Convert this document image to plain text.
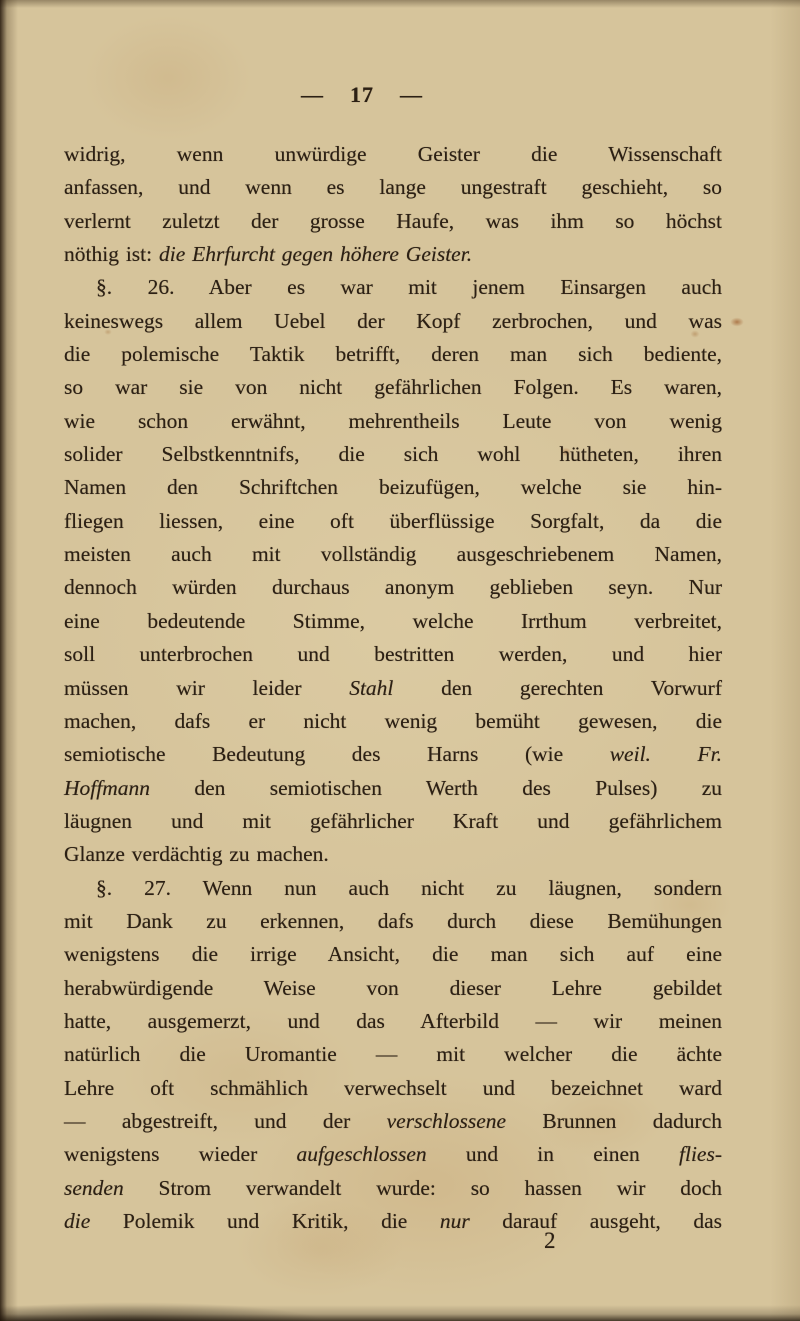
— 17 —
widrig, wenn unwürdige Geister die Wissenschaft
anfassen, und wenn es lange ungestraft geschieht, so
verlernt zuletzt der grosse Haufe, was ihm so höchst
nöthig ist: die Ehrfurcht gegen höhere Geister.
§. 26. Aber es war mit jenem Einsargen auch
keineswegs allem Uebel der Kopf zerbrochen, und was
die polemische Taktik betrifft, deren man sich bediente,
so war sie von nicht gefährlichen Folgen. Es waren,
wie schon erwähnt, mehrentheils Leute von wenig
solider Selbstkenntnifs, die sich wohl hütheten, ihren
Namen den Schriftchen beizufügen, welche sie hin-
fliegen liessen, eine oft überflüssige Sorgfalt, da die
meisten auch mit vollständig ausgeschriebenem Namen,
dennoch würden durchaus anonym geblieben seyn. Nur
eine bedeutende Stimme, welche Irrthum verbreitet,
soll unterbrochen und bestritten werden, und hier
müssen wir leider Stahl den gerechten Vorwurf
machen, dafs er nicht wenig bemüht gewesen, die
semiotische Bedeutung des Harns (wie weil. Fr.
Hoffmann den semiotischen Werth des Pulses) zu
läugnen und mit gefährlicher Kraft und gefährlichem
Glanze verdächtig zu machen.
§. 27. Wenn nun auch nicht zu läugnen, sondern
mit Dank zu erkennen, dafs durch diese Bemühungen
wenigstens die irrige Ansicht, die man sich auf eine
herabwürdigende Weise von dieser Lehre gebildet
hatte, ausgemerzt, und das Afterbild — wir meinen
natürlich die Uromantie — mit welcher die ächte
Lehre oft schmählich verwechselt und bezeichnet ward
— abgestreift, und der verschlossene Brunnen dadurch
wenigstens wieder aufgeschlossen und in einen flies-
senden Strom verwandelt wurde: so hassen wir doch
die Polemik und Kritik, die nur darauf ausgeht, das
2
